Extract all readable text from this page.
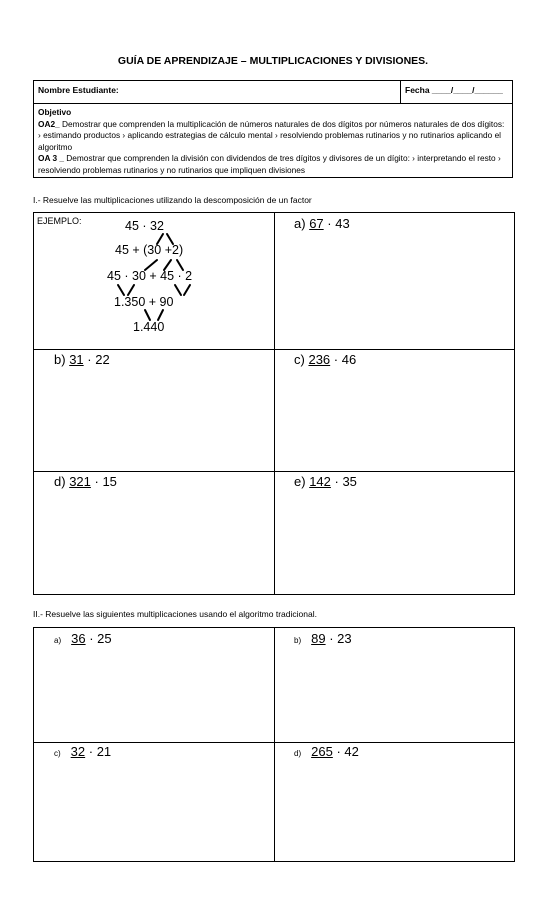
GUÍA DE APRENDIZAJE – MULTIPLICACIONES Y DIVISIONES.
Nombre Estudiante:	Fecha ____/____/______
Objetivo
OA2_ Demostrar que comprenden la multiplicación de números naturales de dos dígitos por números naturales de dos dígitos: › estimando productos › aplicando estrategias de cálculo mental › resolviendo problemas rutinarios y no rutinarios aplicando el algoritmo
OA 3 _ Demostrar que comprenden la división con dividendos de tres dígitos y divisores de un dígito: › interpretando el resto › resolviendo problemas rutinarios y no rutinarios que impliquen divisiones
I.- Resuelve las multiplicaciones utilizando la descomposición de un factor
EJEMPLO:	45 · 32
45 + (30 +2)
45 · 30 + 45 · 2
1.350 + 90
1.440
a) 67 · 43
b) 31 · 22	c) 236 · 46
d) 321 · 15	e) 142 · 35
II.- Resuelve las siguientes multiplicaciones usando el algoritmo tradicional.
a) 36 · 25	b) 89 · 23
c) 32 · 21	d) 265 · 42
